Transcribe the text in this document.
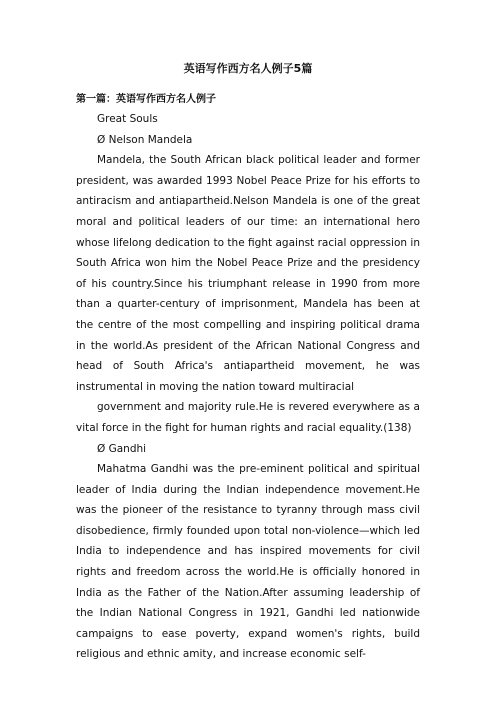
英语写作西方名人例子5篇
第一篇：英语写作西方名人例子
Great Souls
Ø Nelson Mandela

Mandela, the South African black political leader and former president, was awarded 1993 Nobel Peace Prize for his efforts to antiracism and antiapartheid.Nelson Mandela is one of the great moral and political leaders of our time: an international hero whose lifelong dedication to the fight against racial oppression in South Africa won him the Nobel Peace Prize and the presidency of his country.Since his triumphant release in 1990 from more than a quarter-century of imprisonment, Mandela has been at the centre of the most compelling and inspiring political drama in the world.As president of the African National Congress and head of South Africa's antiapartheid movement, he was instrumental in moving the nation toward multiracial

government and majority rule.He is revered everywhere as a vital force in the fight for human rights and racial equality.(138)

Ø Gandhi

Mahatma Gandhi was the pre-eminent political and spiritual leader of India during the Indian independence movement.He was the pioneer of the resistance to tyranny through mass civil disobedience, firmly founded upon total non-violence—which led India to independence and has inspired movements for civil rights and freedom across the world.He is officially honored in India as the Father of the Nation.After assuming leadership of the Indian National Congress in 1921, Gandhi led nationwide campaigns to ease poverty, expand women's rights, build religious and ethnic amity, and increase economic self-
